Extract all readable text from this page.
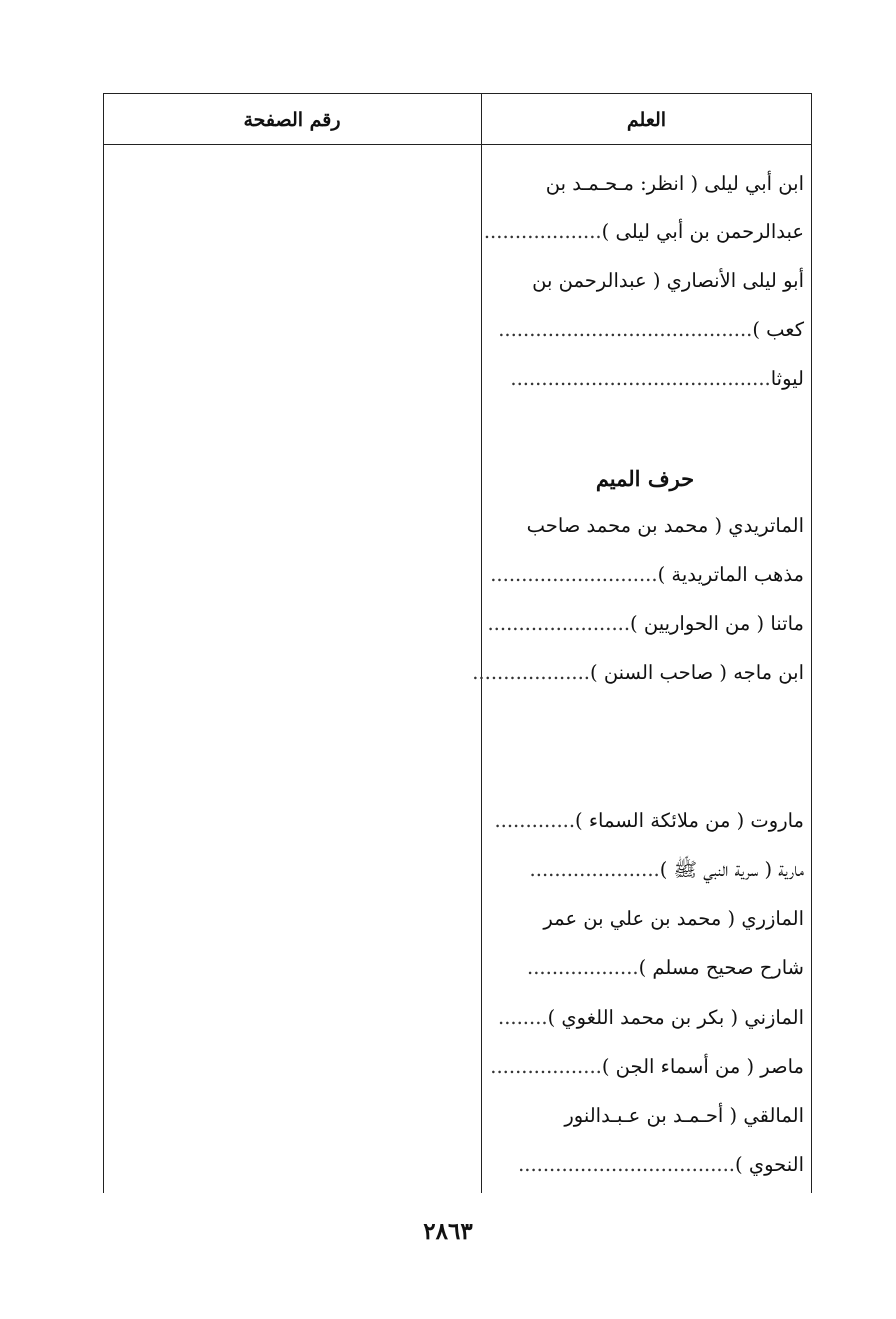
العلم
رقم الصفحة
ابن أبي ليلى ( انظر: مـحـمـد بن
عبدالرحمن بن أبي ليلى )...................
أبو ليلى الأنصاري ( عبدالرحمن بن
كعب ).........................................
ليوثا..........................................
حرف الميم
الماتريدي ( محمد بن محمد صاحب
مذهب الماتريدية )...........................
ماتنا ( من الحواريين ).......................
ابن ماجه ( صاحب السنن )...................
ماروت ( من ملائكة السماء ).............
مارية ( سرية النبي ﷺ ).....................
المازري ( محمد بن علي بن عمر
شارح صحيح مسلم )..................
المازني ( بكر بن محمد اللغوي )........
ماصر ( من أسماء الجن )..................
المالقي ( أحـمـد بن عـبـدالنور
النحوي )...................................
٢٨٦٣
